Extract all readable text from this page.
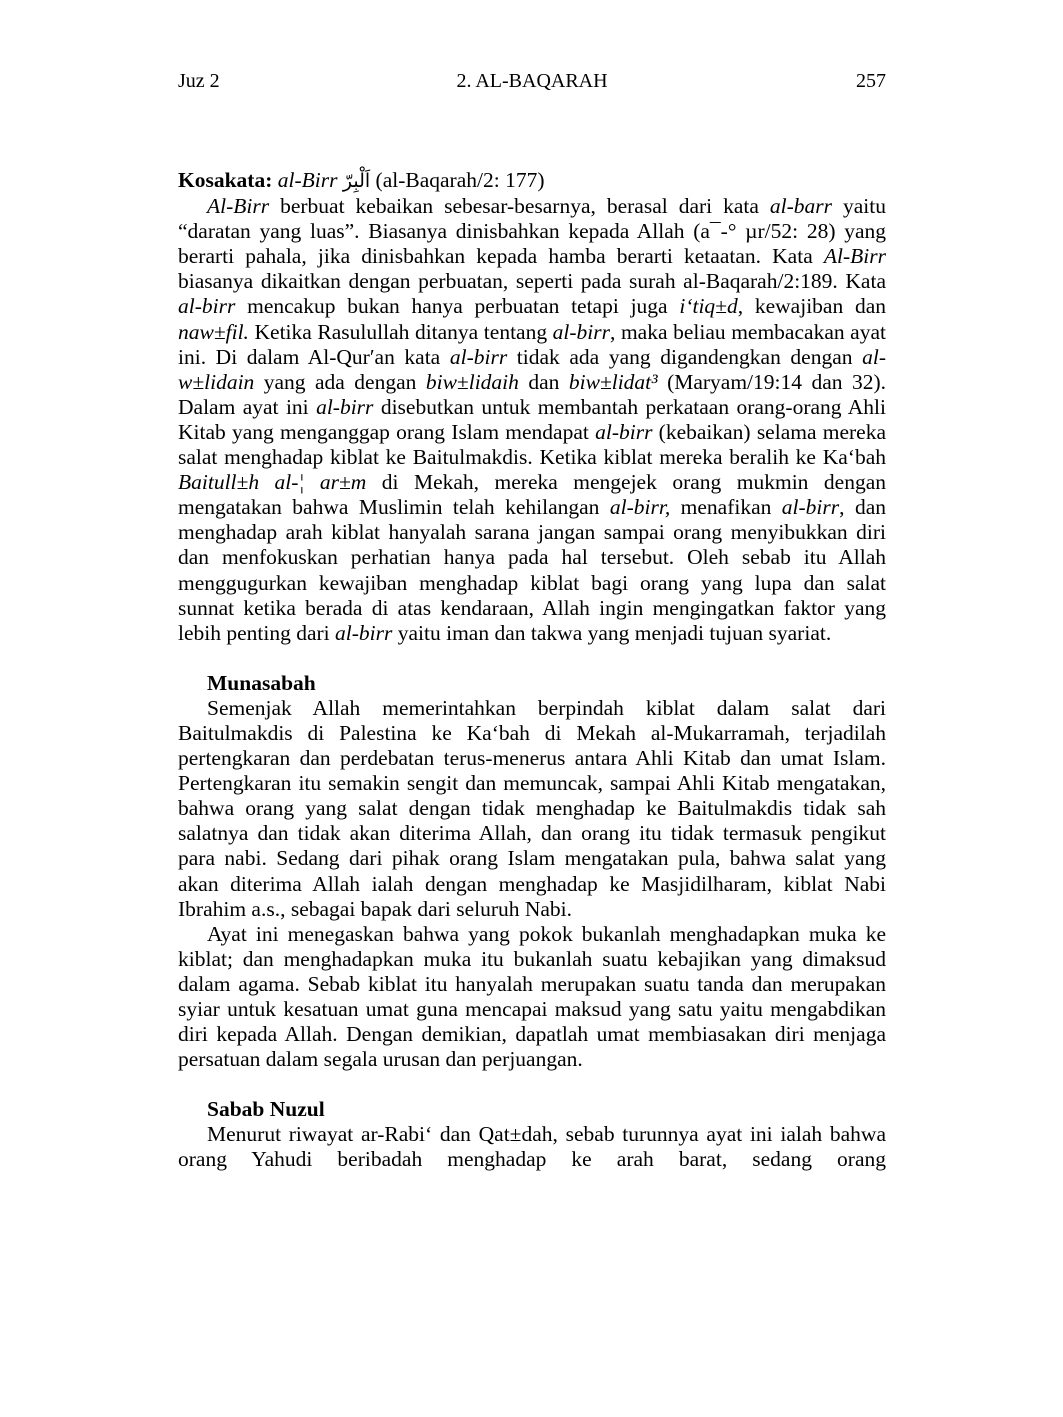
Juz 2	2. AL-BAQARAH	257

Kosakata: al-Birr اَلْبِرّ (al-Baqarah/2: 177)

Al-Birr berbuat kebaikan sebesar-besarnya, berasal dari kata al-barr yaitu “daratan yang luas”. Biasanya dinisbahkan kepada Allah (a¯-° µr/52: 28) yang berarti pahala, jika dinisbahkan kepada hamba berarti ketaatan. Kata Al-Birr biasanya dikaitkan dengan perbuatan, seperti pada surah al-Baqarah/2:189. Kata al-birr mencakup bukan hanya perbuatan tetapi juga i‘tiq±d, kewajiban dan naw±fil. Ketika Rasulullah ditanya tentang al-birr, maka beliau membacakan ayat ini. Di dalam Al-Qur′an kata al-birr tidak ada yang digandengkan dengan al-w±lidain yang ada dengan biw±lidaih dan biw±lidat³ (Maryam/19:14 dan 32). Dalam ayat ini al-birr disebutkan untuk membantah perkataan orang-orang Ahli Kitab yang menganggap orang Islam mendapat al-birr (kebaikan) selama mereka salat menghadap kiblat ke Baitulmakdis. Ketika kiblat mereka beralih ke Ka‘bah Baitull±h al-¦ ar±m di Mekah, mereka mengejek orang mukmin dengan mengatakan bahwa Muslimin telah kehilangan al-birr, menafikan al-birr, dan menghadap arah kiblat hanyalah sarana jangan sampai orang menyibukkan diri dan menfokuskan perhatian hanya pada hal tersebut. Oleh sebab itu Allah menggugurkan kewajiban menghadap kiblat bagi orang yang lupa dan salat sunnat ketika berada di atas kendaraan, Allah ingin mengingatkan faktor yang lebih penting dari al-birr yaitu iman dan takwa yang menjadi tujuan syariat.

Munasabah

Semenjak Allah memerintahkan berpindah kiblat dalam salat dari Baitulmakdis di Palestina ke Ka‘bah di Mekah al-Mukarramah, terjadilah pertengkaran dan perdebatan terus-menerus antara Ahli Kitab dan umat Islam. Pertengkaran itu semakin sengit dan memuncak, sampai Ahli Kitab mengatakan, bahwa orang yang salat dengan tidak menghadap ke Baitulmakdis tidak sah salatnya dan tidak akan diterima Allah, dan orang itu tidak termasuk pengikut para nabi. Sedang dari pihak orang Islam mengatakan pula, bahwa salat yang akan diterima Allah ialah dengan menghadap ke Masjidilharam, kiblat Nabi Ibrahim a.s., sebagai bapak dari seluruh Nabi.

Ayat ini menegaskan bahwa yang pokok bukanlah menghadapkan muka ke kiblat; dan menghadapkan muka itu bukanlah suatu kebajikan yang dimaksud dalam agama. Sebab kiblat itu hanyalah merupakan suatu tanda dan merupakan syiar untuk kesatuan umat guna mencapai maksud yang satu yaitu mengabdikan diri kepada Allah. Dengan demikian, dapatlah umat membiasakan diri menjaga persatuan dalam segala urusan dan perjuangan.

Sabab Nuzul

Menurut riwayat ar-Rabi‘ dan Qat±dah, sebab turunnya ayat ini ialah bahwa orang Yahudi beribadah menghadap ke arah barat, sedang orang
